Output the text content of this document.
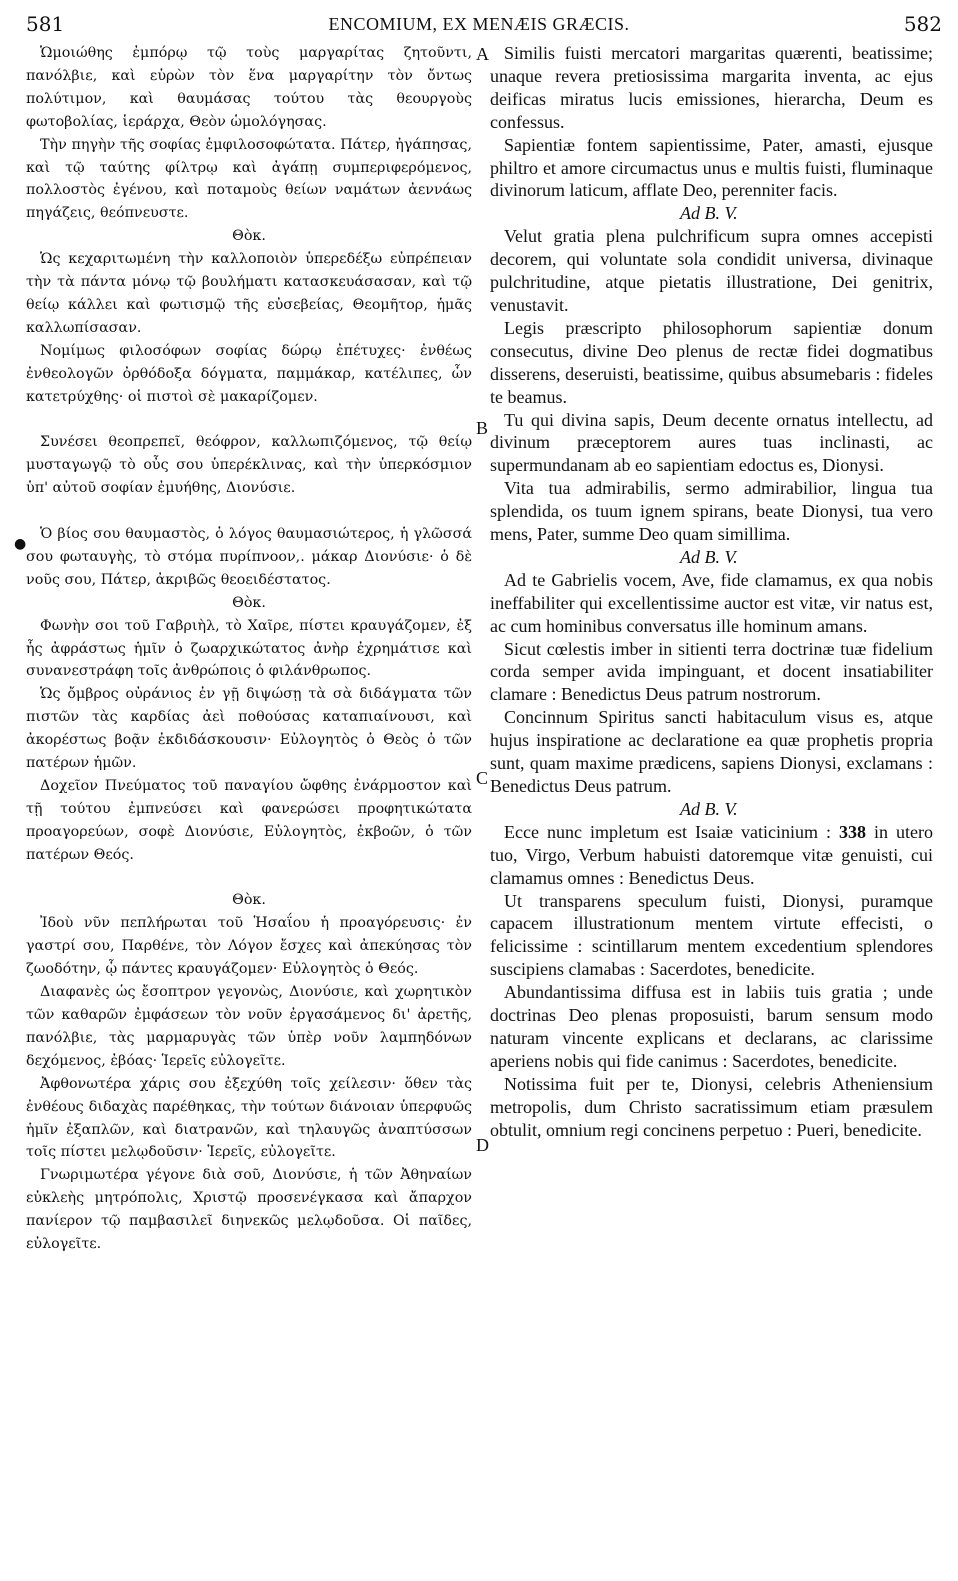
581	ENCOMIUM, EX MENÆIS GRÆCIS.	582
●
A
B
C
D

Ὡμοιώθης ἐμπόρῳ τῷ τοὺς μαργαρίτας ζητοῦντι, πανόλβιε, καὶ εὑρὼν τὸν ἕνα μαργαρίτην τὸν ὄντως πολύτιμον, καὶ θαυμάσας τούτου τὰς θεουργοὺς φωτοβολίας, ἱεράρχα, Θεὸν ὡμολόγησας.

Τὴν πηγὴν τῆς σοφίας ἐμφιλοσοφώτατα. Πάτερ, ἠγάπησας, καὶ τῷ ταύτης φίλτρῳ καὶ ἀγάπῃ συμπεριφερόμενος, πολλοστὸς ἐγένου, καὶ ποταμοὺς θείων ναμάτων ἀεννάως πηγάζεις, θεόπνευστε.

Θὸκ.

Ὡς κεχαριτωμένη τὴν καλλοποιὸν ὑπερεδέξω εὐπρέπειαν τὴν τὰ πάντα μόνῳ τῷ βουλήματι κατασκευάσασαν, καὶ τῷ θείῳ κάλλει καὶ φωτισμῷ τῆς εὐσεβείας, Θεομῆτορ, ἡμᾶς καλλωπίσασαν.

Νομίμως φιλοσόφων σοφίας δώρῳ ἐπέτυχες· ἐνθέως ἐνθεολογῶν ὀρθόδοξα δόγματα, παμμάκαρ, κατέλιπες, ὧν κατετρύχθης· οἱ πιστοὶ σὲ μακαρίζομεν.

Συνέσει θεοπρεπεῖ, θεόφρον, καλλωπιζόμενος, τῷ θείῳ μυσταγωγῷ τὸ οὖς σου ὑπερέκλινας, καὶ τὴν ὑπερκόσμιον ὑπ' αὐτοῦ σοφίαν ἐμυήθης, Διονύσιε.

Ὁ βίος σου θαυμαστὸς, ὁ λόγος θαυμασιώτερος, ἡ γλῶσσά σου φωταυγὴς, τὸ στόμα πυρίπνοον,. μάκαρ Διονύσιε· ὁ δὲ νοῦς σου, Πάτερ, ἀκριβῶς θεοειδέστατος.

Θὸκ.

Φωνὴν σοι τοῦ Γαβριὴλ, τὸ Χαῖρε, πίστει κραυγάζομεν, ἐξ ἧς ἀφράστως ἡμῖν ὁ ζωαρχικώτατος ἀνὴρ ἐχρημάτισε καὶ συνανεστράφη τοῖς ἀνθρώποις ὁ φιλάνθρωπος.

Ὡς ὄμβρος οὐράνιος ἐν γῇ διψώσῃ τὰ σὰ διδάγματα τῶν πιστῶν τὰς καρδίας ἀεὶ ποθούσας καταπιαίνουσι, καὶ ἀκορέστως βοᾷν ἐκδιδάσκουσιν· Εὐλογητὸς ὁ Θεὸς ὁ τῶν πατέρων ἡμῶν.

Δοχεῖον Πνεύματος τοῦ παναγίου ὤφθης ἐνάρμοστον καὶ τῇ τούτου ἐμπνεύσει καὶ φανερώσει προφητικώτατα προαγορεύων, σοφὲ Διονύσιε, Εὐλογητὸς, ἐκβοῶν, ὁ τῶν πατέρων Θεός.

Θὸκ.

Ἰδοὺ νῦν πεπλήρωται τοῦ Ἡσαΐου ἡ προαγόρευσις· ἐν γαστρί σου, Παρθένε, τὸν Λόγον ἔσχες καὶ ἀπεκύησας τὸν ζωοδότην, ᾧ πάντες κραυγάζομεν· Εὐλογητὸς ὁ Θεός.

Διαφανὲς ὡς ἔσοπτρον γεγονὼς, Διονύσιε, καὶ χωρητικὸν τῶν καθαρῶν ἐμφάσεων τὸν νοῦν ἐργασάμενος δι' ἀρετῆς, πανόλβιε, τὰς μαρμαρυγὰς τῶν ὑπὲρ νοῦν λαμπηδόνων δεχόμενος, ἐβόας· Ἱερεῖς εὐλογεῖτε.

Ἀφθονωτέρα χάρις σου ἐξεχύθη τοῖς χείλεσιν· ὅθεν τὰς ἐνθέους διδαχὰς παρέθηκας, τὴν τούτων διάνοιαν ὑπερφυῶς ἡμῖν ἐξαπλῶν, καὶ διατρανῶν, καὶ τηλαυγῶς ἀναπτύσσων τοῖς πίστει μελῳδοῦσιν· Ἱερεῖς, εὐλογεῖτε.

Γνωριμωτέρα γέγονε διὰ σοῦ, Διονύσιε, ἡ τῶν Ἀθηναίων εὐκλεὴς μητρόπολις, Χριστῷ προσενέγκασα καὶ ἄπαρχον πανίερον τῷ παμβασιλεῖ διηνεκῶς μελῳδοῦσα. Οἱ παῖδες, εὐλογεῖτε.

Similis fuisti mercatori margaritas quærenti, beatissime; unaque revera pretiosissima margarita inventa, ac ejus deificas miratus lucis emissiones, hierarcha, Deum es confessus.

Sapientiæ fontem sapientissime, Pater, amasti, ejusque philtro et amore circumactus unus e multis fuisti, fluminaque divinorum laticum, afflate Deo, perenniter facis.

Ad B. V.

Velut gratia plena pulchrificum supra omnes accepisti decorem, qui voluntate sola condidit universa, divinaque pulchritudine, atque pietatis illustratione, Dei genitrix, venustavit.

Legis præscripto philosophorum sapientiæ donum consecutus, divine Deo plenus de rectæ fidei dogmatibus disserens, deseruisti, beatissime, quibus absumebaris : fideles te beamus.

Tu qui divina sapis, Deum decente ornatus intellectu, ad divinum præceptorem aures tuas inclinasti, ac supermundanam ab eo sapientiam edoctus es, Dionysi.

Vita tua admirabilis, sermo admirabilior, lingua tua splendida, os tuum ignem spirans, beate Dionysi, tua vero mens, Pater, summe Deo quam simillima.

Ad B. V.

Ad te Gabrielis vocem, Ave, fide clamamus, ex qua nobis ineffabiliter qui excellentissime auctor est vitæ, vir natus est, ac cum hominibus conversatus ille hominum amans.

Sicut cœlestis imber in sitienti terra doctrinæ tuæ fidelium corda semper avida impinguant, et docent insatiabiliter clamare : Benedictus Deus patrum nostrorum.

Concinnum Spiritus sancti habitaculum visus es, atque hujus inspiratione ac declaratione ea quæ prophetis propria sunt, quam maxime prædicens, sapiens Dionysi, exclamans : Benedictus Deus patrum.

Ad B. V.

Ecce nunc impletum est Isaiæ vaticinium : 338 in utero tuo, Virgo, Verbum habuisti datoremque vitæ genuisti, cui clamamus omnes : Benedictus Deus.

Ut transparens speculum fuisti, Dionysi, puramque capacem illustrationum mentem virtute effecisti, o felicissime : scintillarum mentem excedentium splendores suscipiens clamabas : Sacerdotes, benedicite.

Abundantissima diffusa est in labiis tuis gratia ; unde doctrinas Deo plenas proposuisti, barum sensum modo naturam vincente explicans et declarans, ac clarissime aperiens nobis qui fide canimus : Sacerdotes, benedicite.

Notissima fuit per te, Dionysi, celebris Atheniensium metropolis, dum Christo sacratissimum etiam præsulem obtulit, omnium regi concinens perpetuo : Pueri, benedicite.
